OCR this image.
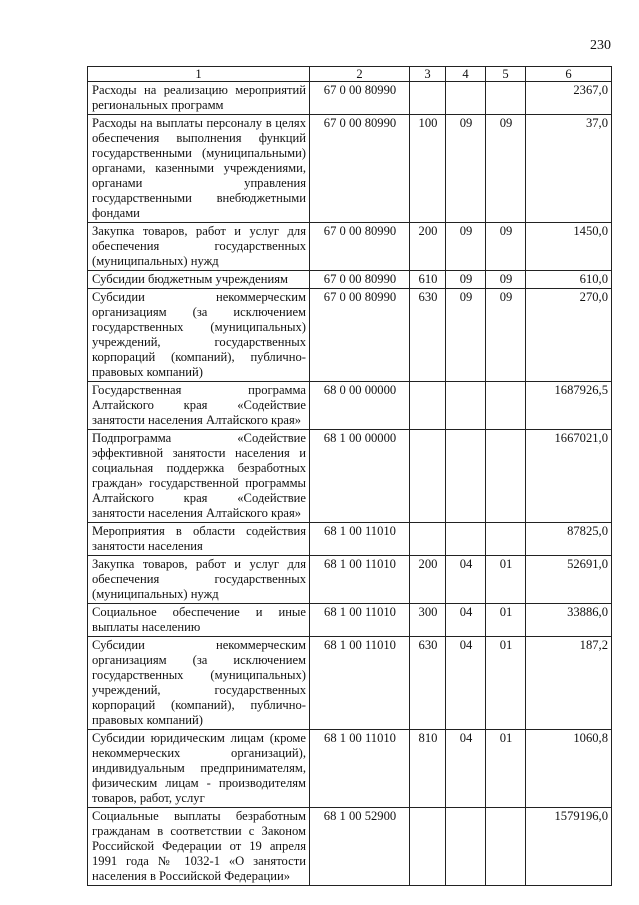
230
1	2	3	4	5	6
Расходы на реализацию мероприятий региональных программ	67 0 00 80990				2367,0
Расходы на выплаты персоналу в целях обеспечения выполнения функций государственными (муниципальными) органами, казенными учреждениями, органами управления государственными внебюджетными фондами	67 0 00 80990	100	09	09	37,0
Закупка товаров, работ и услуг для обеспечения государственных (муниципальных) нужд	67 0 00 80990	200	09	09	1450,0
Субсидии бюджетным учреждениям	67 0 00 80990	610	09	09	610,0
Субсидии некоммерческим организациям (за исключением государственных (муниципальных) учреждений, государственных корпораций (компаний), публично-правовых компаний)	67 0 00 80990	630	09	09	270,0
Государственная программа Алтайского края «Содействие занятости населения Алтайского края»	68 0 00 00000				1687926,5
Подпрограмма «Содействие эффективной занятости населения и социальная поддержка безработных граждан» государственной программы Алтайского края «Содействие занятости населения Алтайского края»	68 1 00 00000				1667021,0
Мероприятия в области содействия занятости населения	68 1 00 11010				87825,0
Закупка товаров, работ и услуг для обеспечения государственных (муниципальных) нужд	68 1 00 11010	200	04	01	52691,0
Социальное обеспечение и иные выплаты населению	68 1 00 11010	300	04	01	33886,0
Субсидии некоммерческим организациям (за исключением государственных (муниципальных) учреждений, государственных корпораций (компаний), публично-правовых компаний)	68 1 00 11010	630	04	01	187,2
Субсидии юридическим лицам (кроме некоммерческих организаций), индивидуальным предпринимателям, физическим лицам - производителям товаров, работ, услуг	68 1 00 11010	810	04	01	1060,8
Социальные выплаты безработным гражданам в соответствии с Законом Российской Федерации от 19 апреля 1991 года № 1032-1 «О занятости населения в Российской Федерации»	68 1 00 52900				1579196,0
